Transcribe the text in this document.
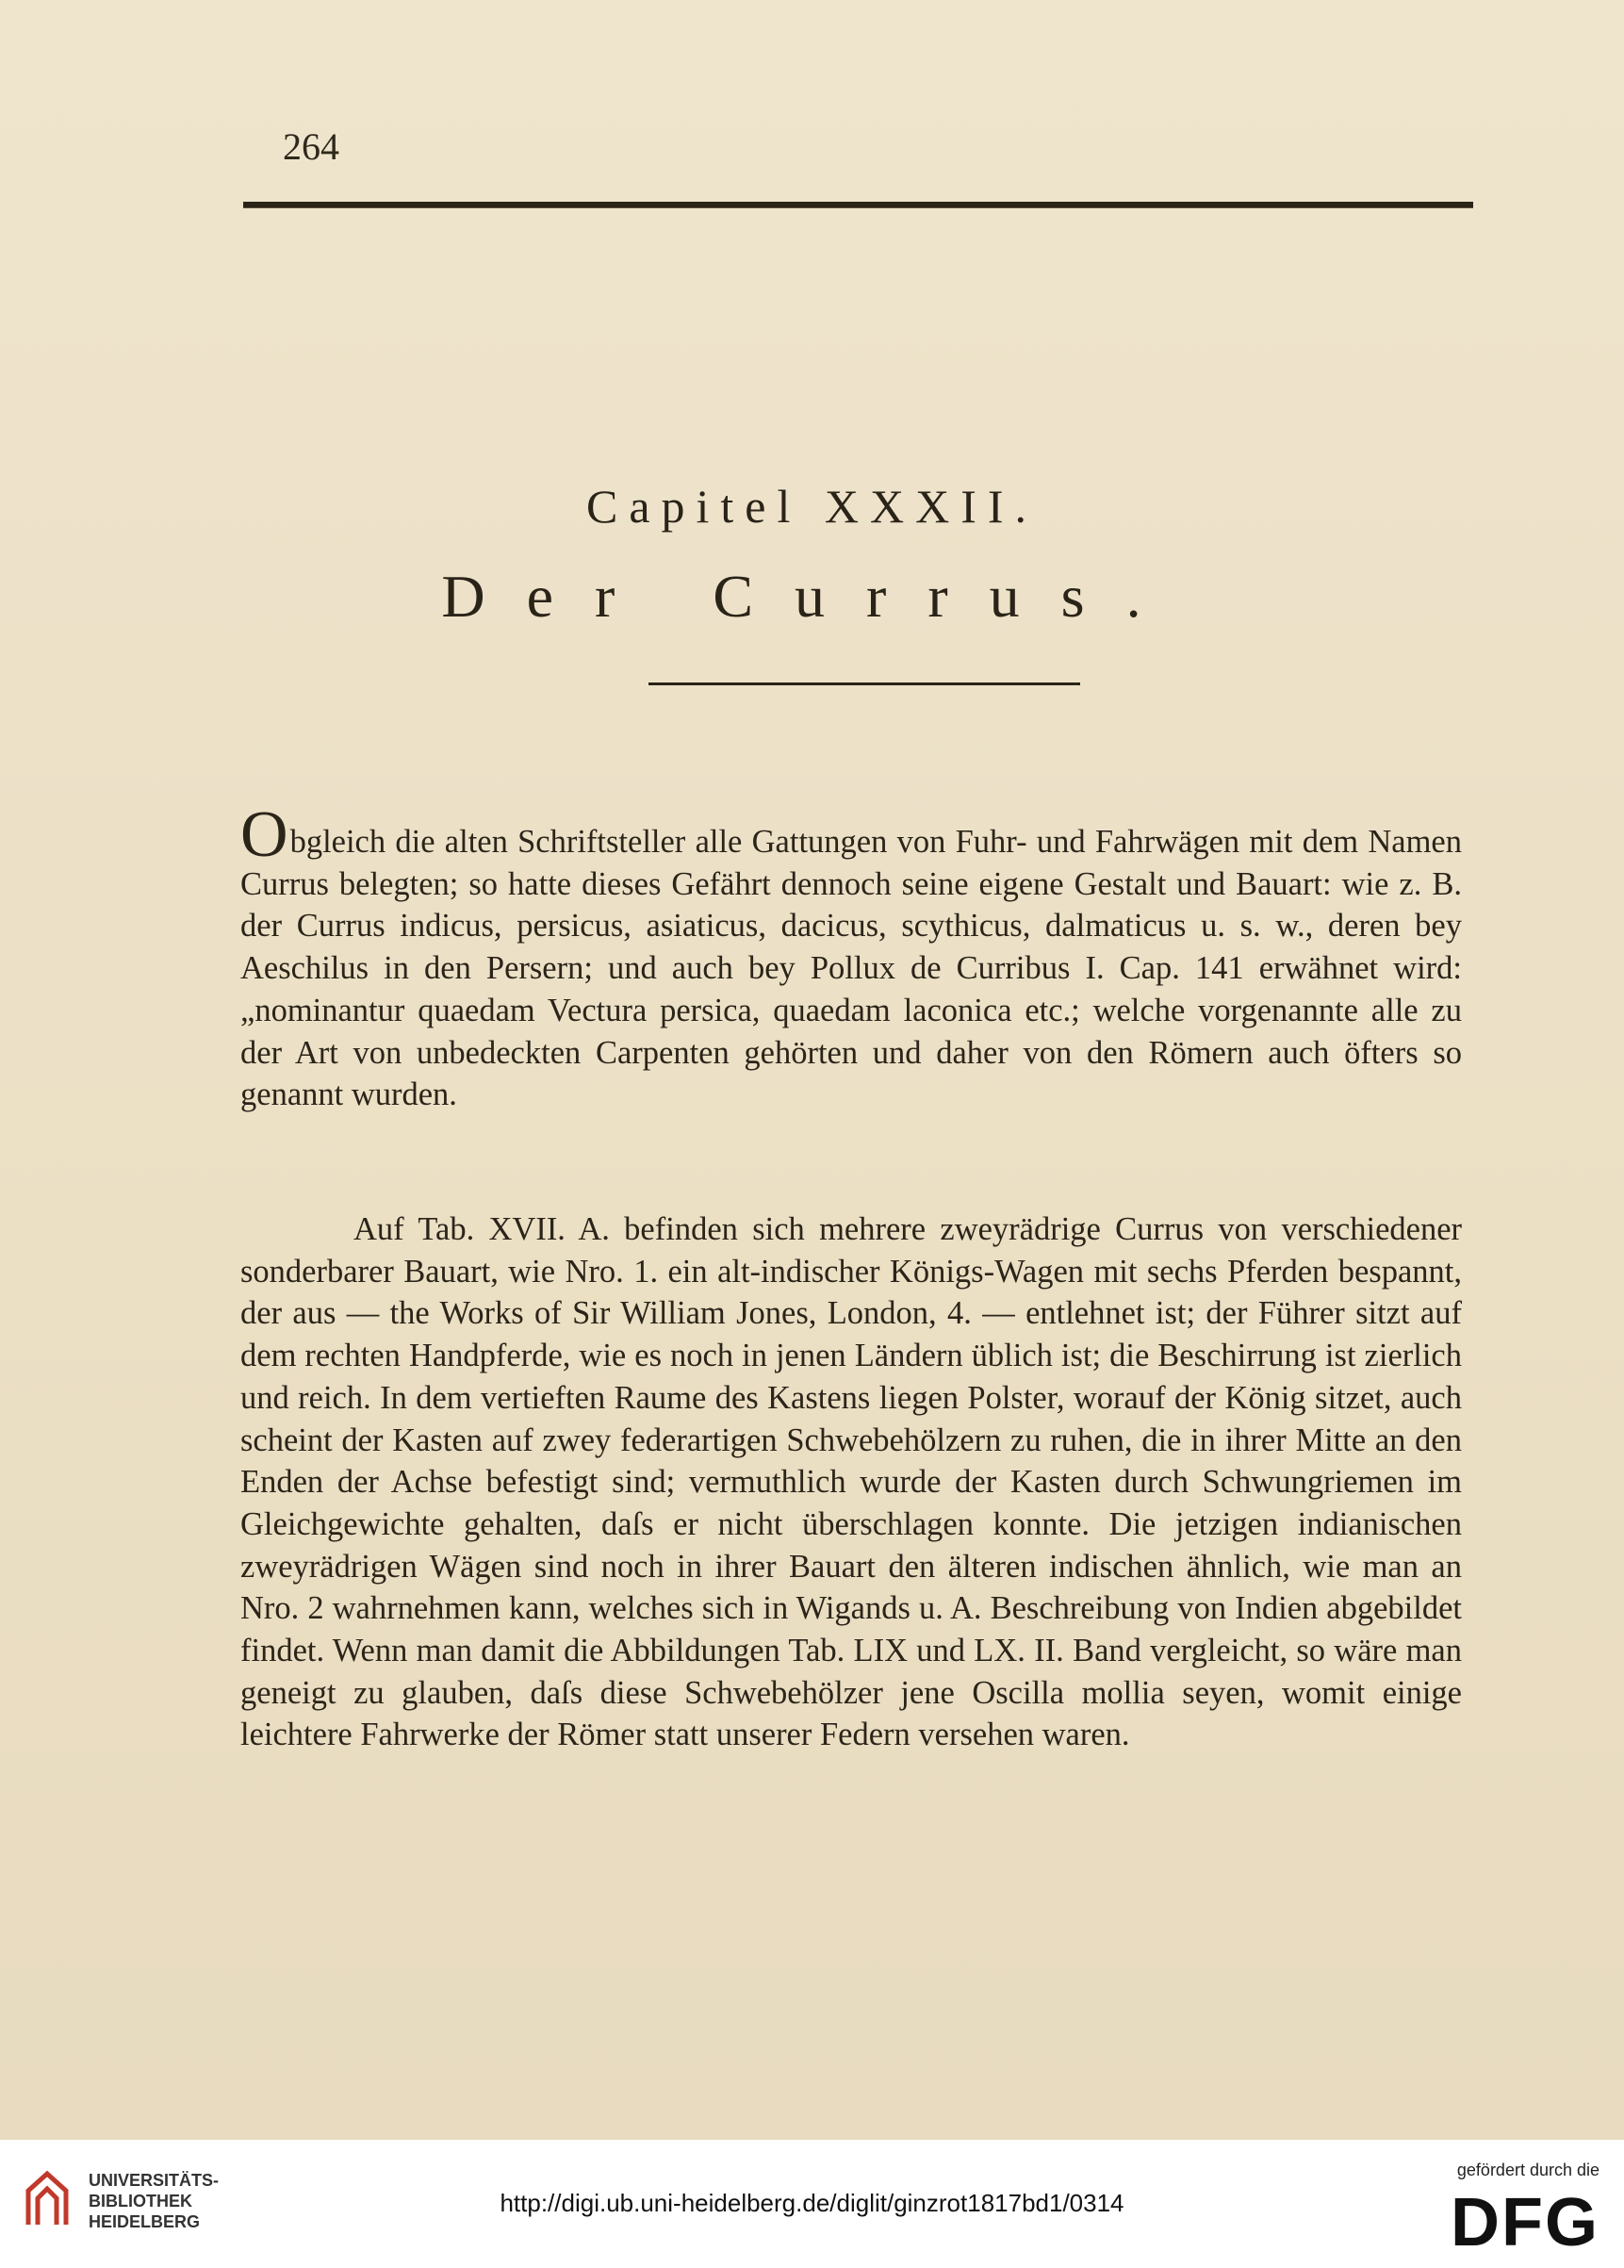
264
Capitel XXXII.
Der Currus.
Obgleich die alten Schriftsteller alle Gattungen von Fuhr- und Fahrwägen mit dem Namen Currus belegten; so hatte dieses Gefährt dennoch seine eigene Gestalt und Bauart: wie z. B. der Currus indicus, persicus, asiaticus, dacicus, scythicus, dalmaticus u. s. w., deren bey Aeschilus in den Persern; und auch bey Pollux de Curribus I. Cap. 141 erwähnet wird: „nominantur quaedam Vectura persica, quaedam laconica etc.; welche vorgenannte alle zu der Art von unbedeckten Carpenten gehörten und daher von den Römern auch öfters so genannt wurden.
Auf Tab. XVII. A. befinden sich mehrere zweyrädrige Currus von verschiedener sonderbarer Bauart, wie Nro. 1. ein alt-indischer Königs-Wagen mit sechs Pferden bespannt, der aus — the Works of Sir William Jones, London, 4. — entlehnet ist; der Führer sitzt auf dem rechten Handpferde, wie es noch in jenen Ländern üblich ist; die Beschirrung ist zierlich und reich. In dem vertieften Raume des Kastens liegen Polster, worauf der König sitzet, auch scheint der Kasten auf zwey federartigen Schwebehölzern zu ruhen, die in ihrer Mitte an den Enden der Achse befestigt sind; vermuthlich wurde der Kasten durch Schwungriemen im Gleichgewichte gehalten, daſs er nicht überschlagen konnte. Die jetzigen indianischen zweyrädrigen Wägen sind noch in ihrer Bauart den älteren indischen ähnlich, wie man an Nro. 2 wahrnehmen kann, welches sich in Wigands u. A. Beschreibung von Indien abgebildet findet. Wenn man damit die Abbildungen Tab. LIX und LX. II. Band vergleicht, so wäre man geneigt zu glauben, daſs diese Schwebehölzer jene Oscilla mollia seyen, womit einige leichtere Fahrwerke der Römer statt unserer Federn versehen waren.
UNIVERSITÄTS-
BIBLIOTHEK
HEIDELBERG
http://digi.ub.uni-heidelberg.de/diglit/ginzrot1817bd1/0314
gefördert durch die
DFG
